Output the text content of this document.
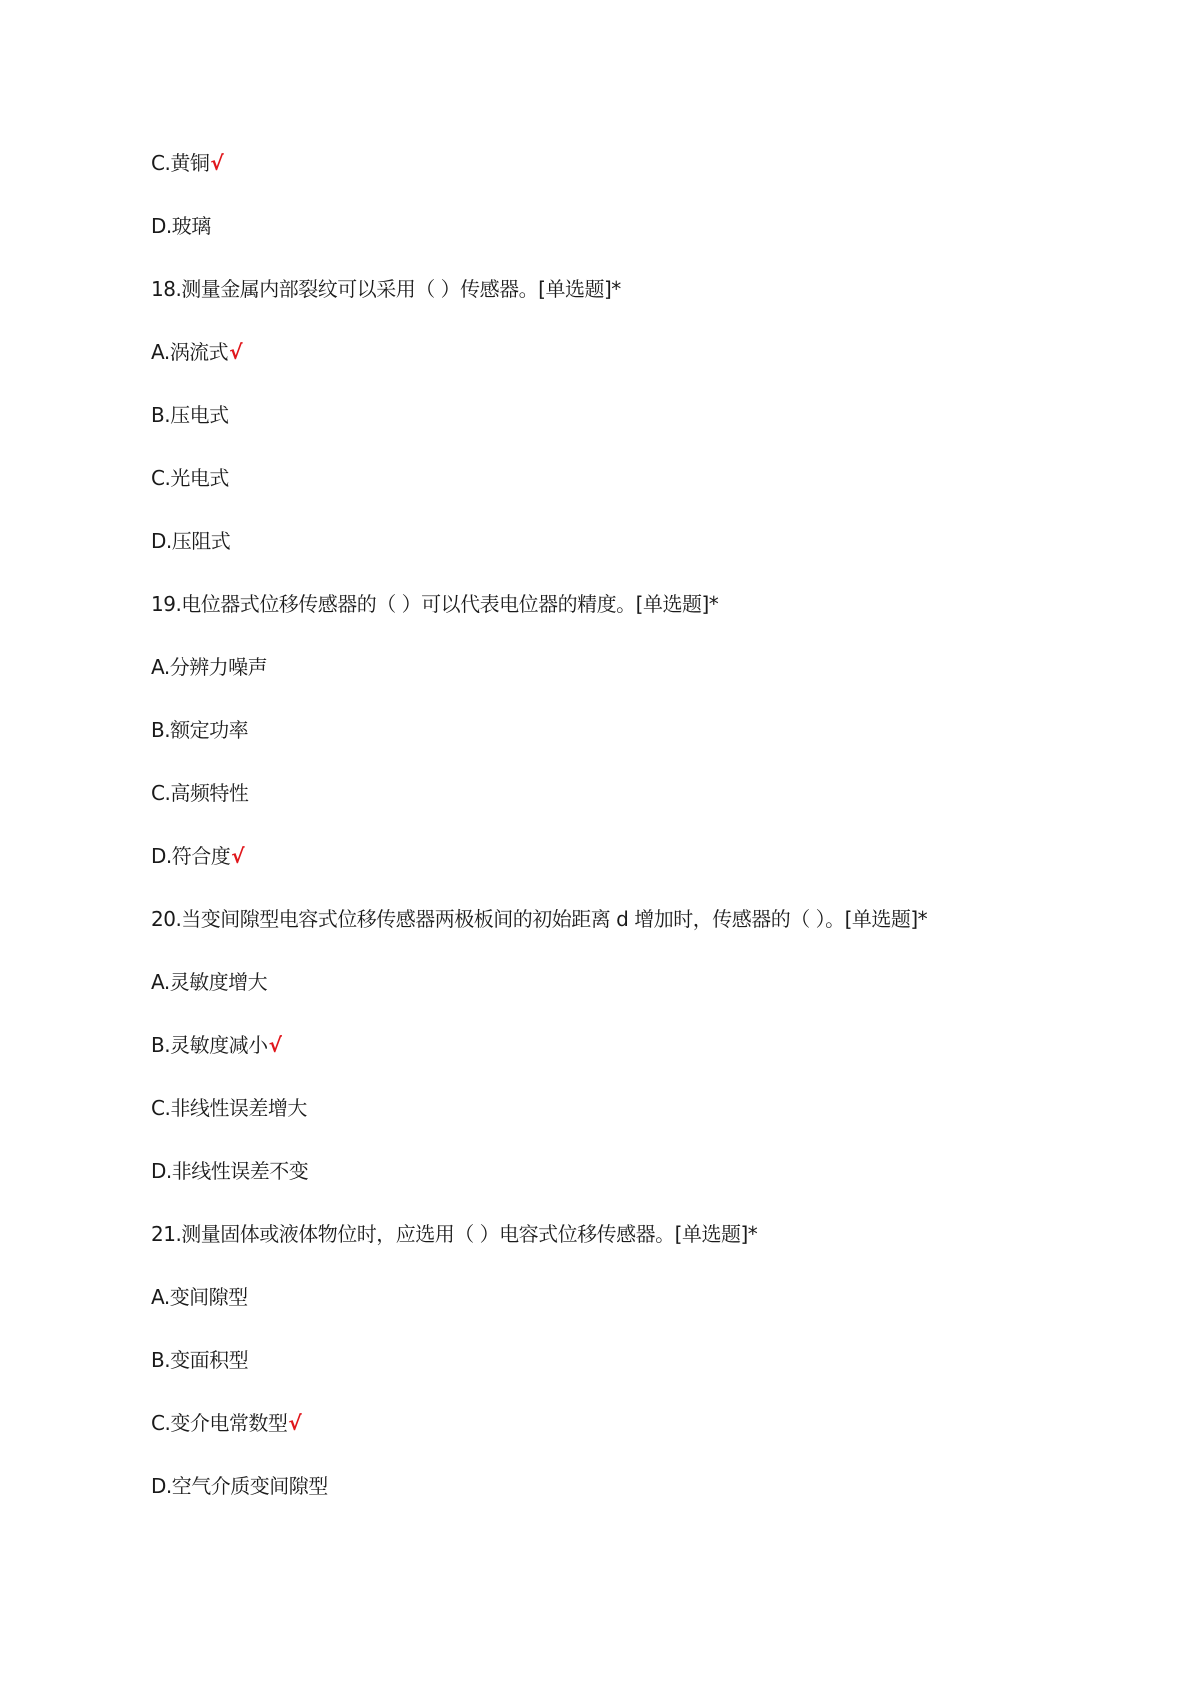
C.黄铜√
D.玻璃
18.测量金属内部裂纹可以采用（ ）传感器。[单选题]*
A.涡流式√
B.压电式
C.光电式
D.压阻式
19.电位器式位移传感器的（ ）可以代表电位器的精度。[单选题]*
A.分辨力噪声
B.额定功率
C.高频特性
D.符合度√
20.当变间隙型电容式位移传感器两极板间的初始距离 d 增加时，传感器的（ ）。[单选题]*
A.灵敏度增大
B.灵敏度减小√
C.非线性误差增大
D.非线性误差不变
21.测量固体或液体物位时，应选用（ ）电容式位移传感器。[单选题]*
A.变间隙型
B.变面积型
C.变介电常数型√
D.空气介质变间隙型
